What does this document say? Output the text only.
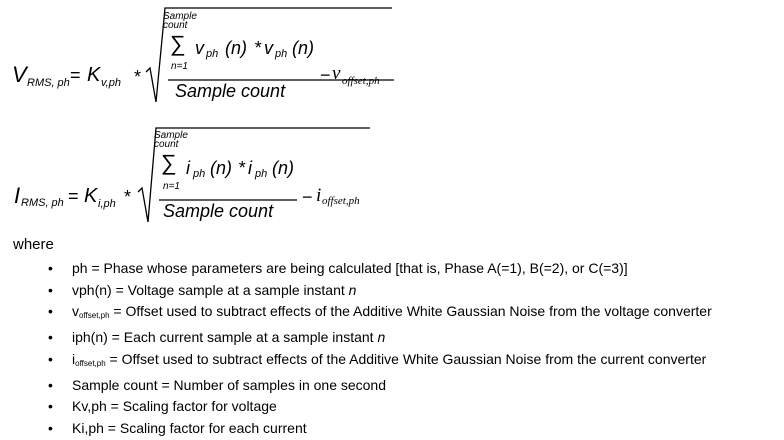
V RMS, ph = K v,ph *
Sample
count
∑
n=1
v ph (n) * v ph (n)
Sample count
− v offset,ph
I RMS, ph = K i,ph *
Sample
count
∑
n=1
i ph (n) * i ph (n)
Sample count
− i offset,ph
where
• ph = Phase whose parameters are being calculated [that is, Phase A(=1), B(=2), or C(=3)]
• vph(n) = Voltage sample at a sample instant n
• voffset,ph = Offset used to subtract effects of the Additive White Gaussian Noise from the voltage converter
• iph(n) = Each current sample at a sample instant n
• ioffset,ph = Offset used to subtract effects of the Additive White Gaussian Noise from the current converter
• Sample count = Number of samples in one second
• Kv,ph = Scaling factor for voltage
• Ki,ph = Scaling factor for each current
